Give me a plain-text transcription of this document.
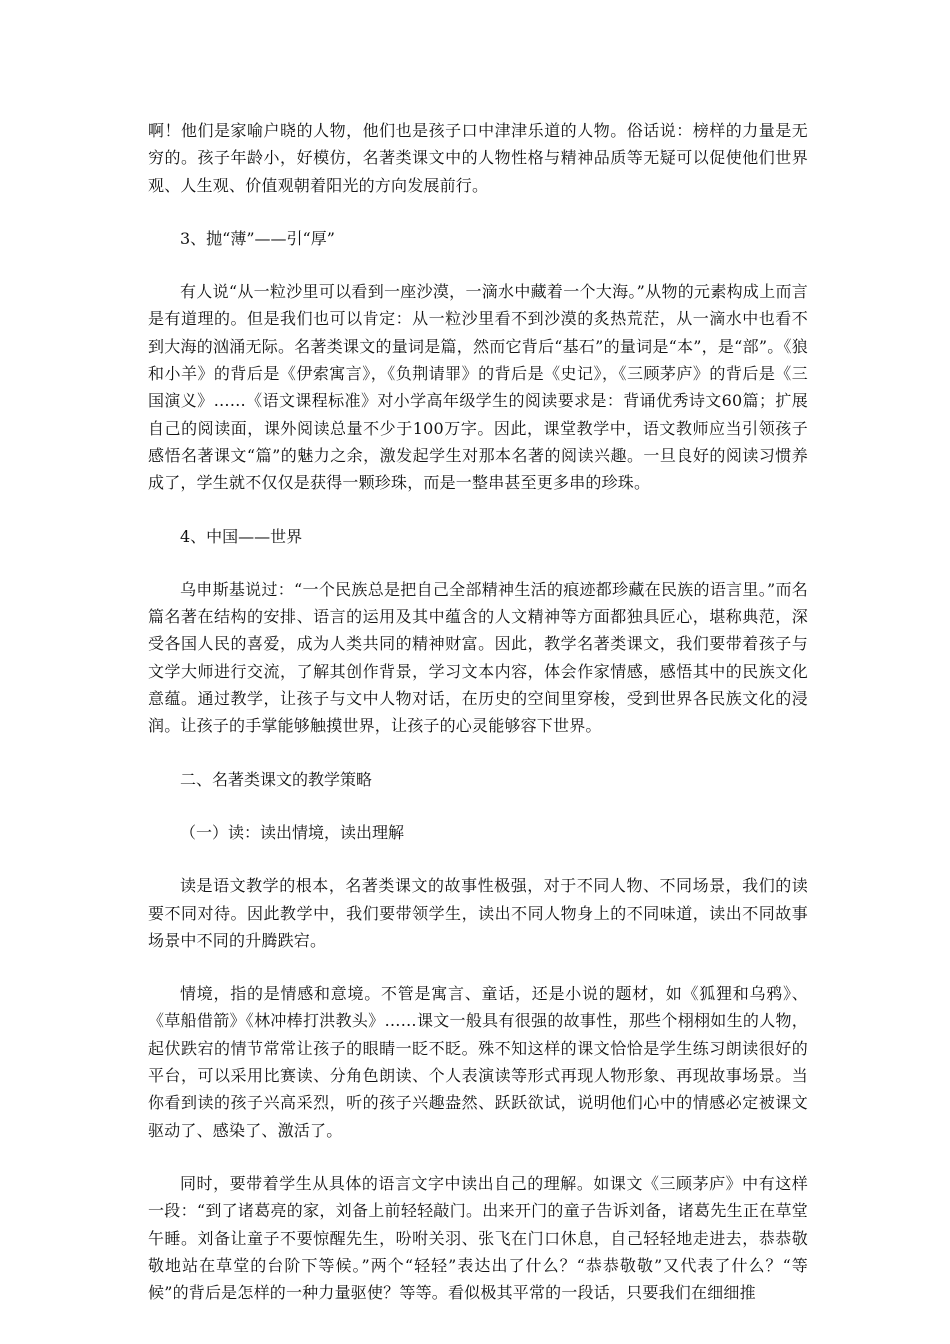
啊！他们是家喻户晓的人物，他们也是孩子口中津津乐道的人物。俗话说：榜样的力量是无穷的。孩子年龄小，好模仿，名著类课文中的人物性格与精神品质等无疑可以促使他们世界观、人生观、价值观朝着阳光的方向发展前行。

3、抛“薄”——引“厚”

有人说“从一粒沙里可以看到一座沙漠，一滴水中藏着一个大海。”从物的元素构成上而言是有道理的。但是我们也可以肯定：从一粒沙里看不到沙漠的炙热荒茫，从一滴水中也看不到大海的汹涌无际。名著类课文的量词是篇，然而它背后“基石”的量词是“本”，是“部”。《狼和小羊》的背后是《伊索寓言》，《负荆请罪》的背后是《史记》，《三顾茅庐》的背后是《三国演义》……《语文课程标准》对小学高年级学生的阅读要求是：背诵优秀诗文60篇；扩展自己的阅读面，课外阅读总量不少于100万字。因此，课堂教学中，语文教师应当引领孩子感悟名著课文“篇”的魅力之余，激发起学生对那本名著的阅读兴趣。一旦良好的阅读习惯养成了，学生就不仅仅是获得一颗珍珠，而是一整串甚至更多串的珍珠。

4、中国——世界

乌申斯基说过：“一个民族总是把自己全部精神生活的痕迹都珍藏在民族的语言里。”而名篇名著在结构的安排、语言的运用及其中蕴含的人文精神等方面都独具匠心，堪称典范，深受各国人民的喜爱，成为人类共同的精神财富。因此，教学名著类课文，我们要带着孩子与文学大师进行交流，了解其创作背景，学习文本内容，体会作家情感，感悟其中的民族文化意蕴。通过教学，让孩子与文中人物对话，在历史的空间里穿梭，受到世界各民族文化的浸润。让孩子的手掌能够触摸世界，让孩子的心灵能够容下世界。

二、名著类课文的教学策略

（一）读：读出情境，读出理解

读是语文教学的根本，名著类课文的故事性极强，对于不同人物、不同场景，我们的读要不同对待。因此教学中，我们要带领学生，读出不同人物身上的不同味道，读出不同故事场景中不同的升腾跌宕。

情境，指的是情感和意境。不管是寓言、童话，还是小说的题材，如《狐狸和乌鸦》、《草船借箭》《林冲棒打洪教头》……课文一般具有很强的故事性，那些个栩栩如生的人物，起伏跌宕的情节常常让孩子的眼睛一眨不眨。殊不知这样的课文恰恰是学生练习朗读很好的平台，可以采用比赛读、分角色朗读、个人表演读等形式再现人物形象、再现故事场景。当你看到读的孩子兴高采烈，听的孩子兴趣盎然、跃跃欲试，说明他们心中的情感必定被课文驱动了、感染了、激活了。

同时，要带着学生从具体的语言文字中读出自己的理解。如课文《三顾茅庐》中有这样一段：“到了诸葛亮的家，刘备上前轻轻敲门。出来开门的童子告诉刘备，诸葛先生正在草堂午睡。刘备让童子不要惊醒先生，吩咐关羽、张飞在门口休息，自己轻轻地走进去，恭恭敬敬地站在草堂的台阶下等候。”两个“轻轻”表达出了什么？“恭恭敬敬”又代表了什么？“等候”的背后是怎样的一种力量驱使？等等。看似极其平常的一段话，只要我们在细细推
